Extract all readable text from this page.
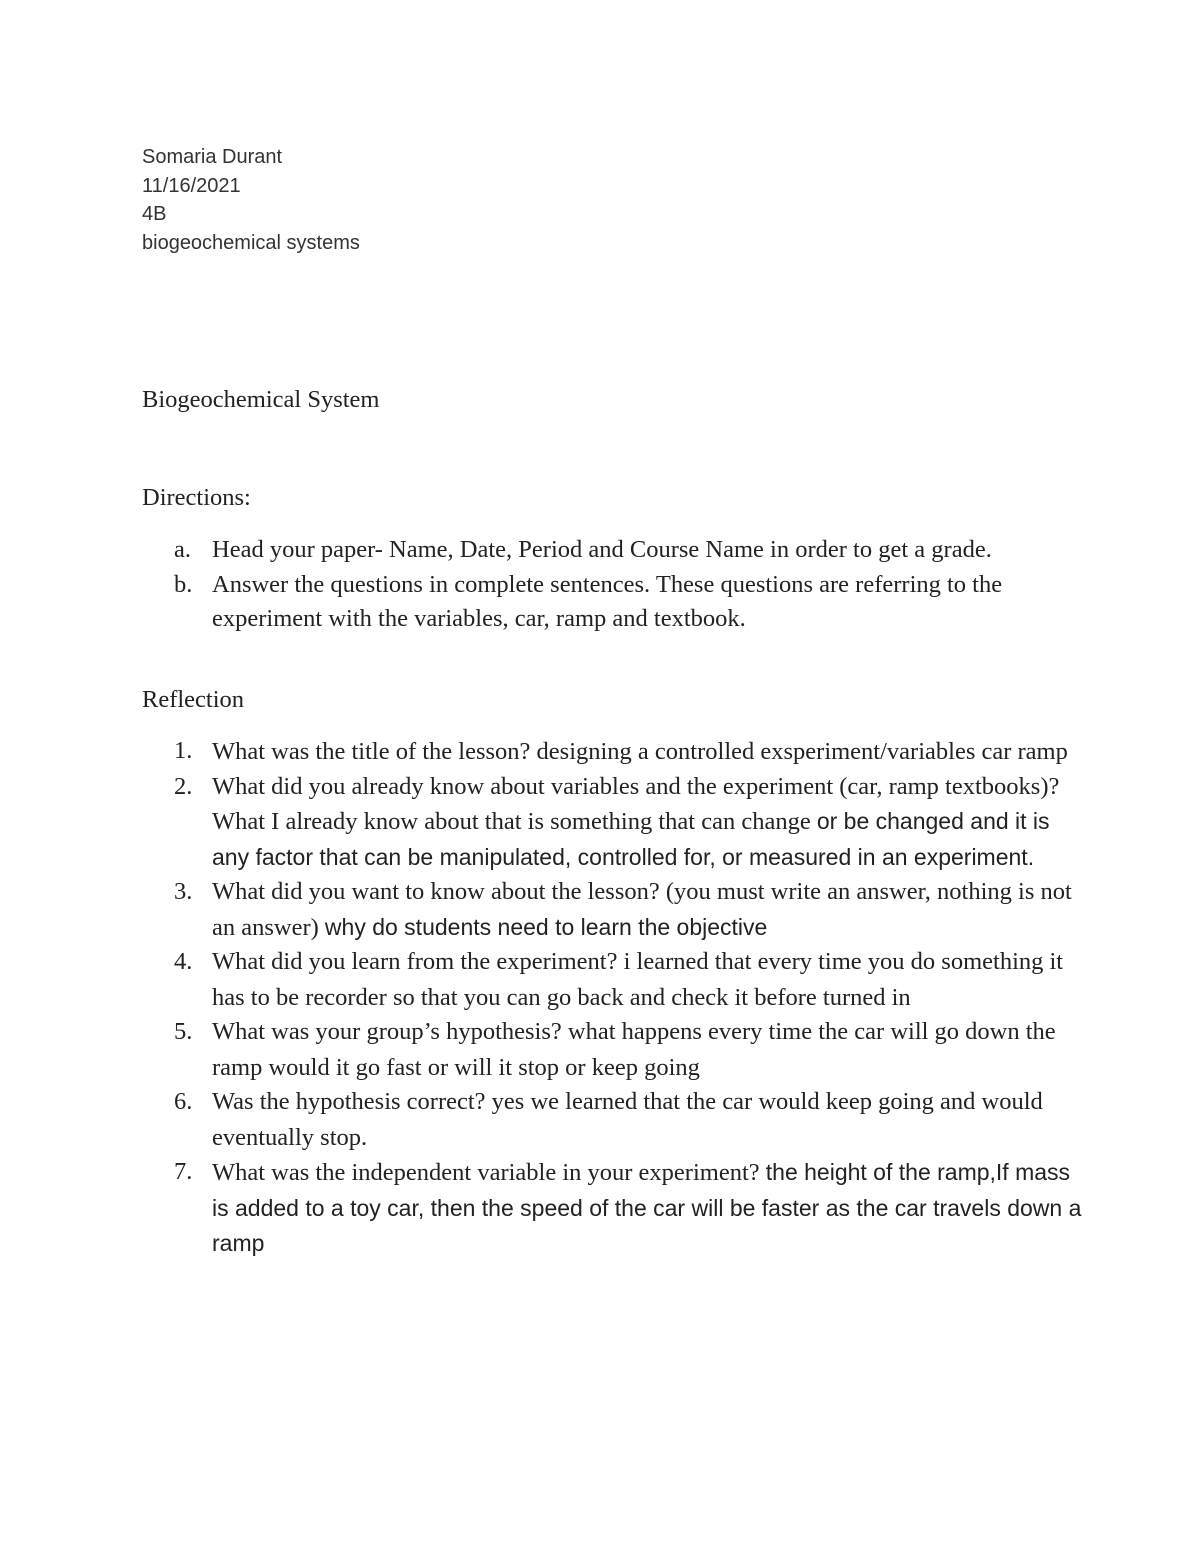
Somaria Durant
11/16/2021
4B
biogeochemical systems
Biogeochemical System
Directions:
a. Head your paper- Name, Date, Period and Course Name in order to get a grade.
b. Answer the questions in complete sentences. These questions are referring to the experiment with the variables, car, ramp and textbook.
Reflection
1. What was the title of the lesson? designing a controlled exsperiment/variables car ramp
2. What did you already know about variables and the experiment (car, ramp textbooks)? What I already know about that is something that can change or be changed and it is any factor that can be manipulated, controlled for, or measured in an experiment.
3. What did you want to know about the lesson? (you must write an answer, nothing is not an answer) why do students need to learn the objective
4. What did you learn from the experiment? i learned that every time you do something it has to be recorder so that you can go back and check it before turned in
5. What was your group’s hypothesis? what happens every time the car will go down the ramp would it go fast or will it stop or keep going
6. Was the hypothesis correct? yes we learned that the car would keep going and would eventually stop.
7. What was the independent variable in your experiment? the height of the ramp,If mass is added to a toy car, then the speed of the car will be faster as the car travels down a ramp
